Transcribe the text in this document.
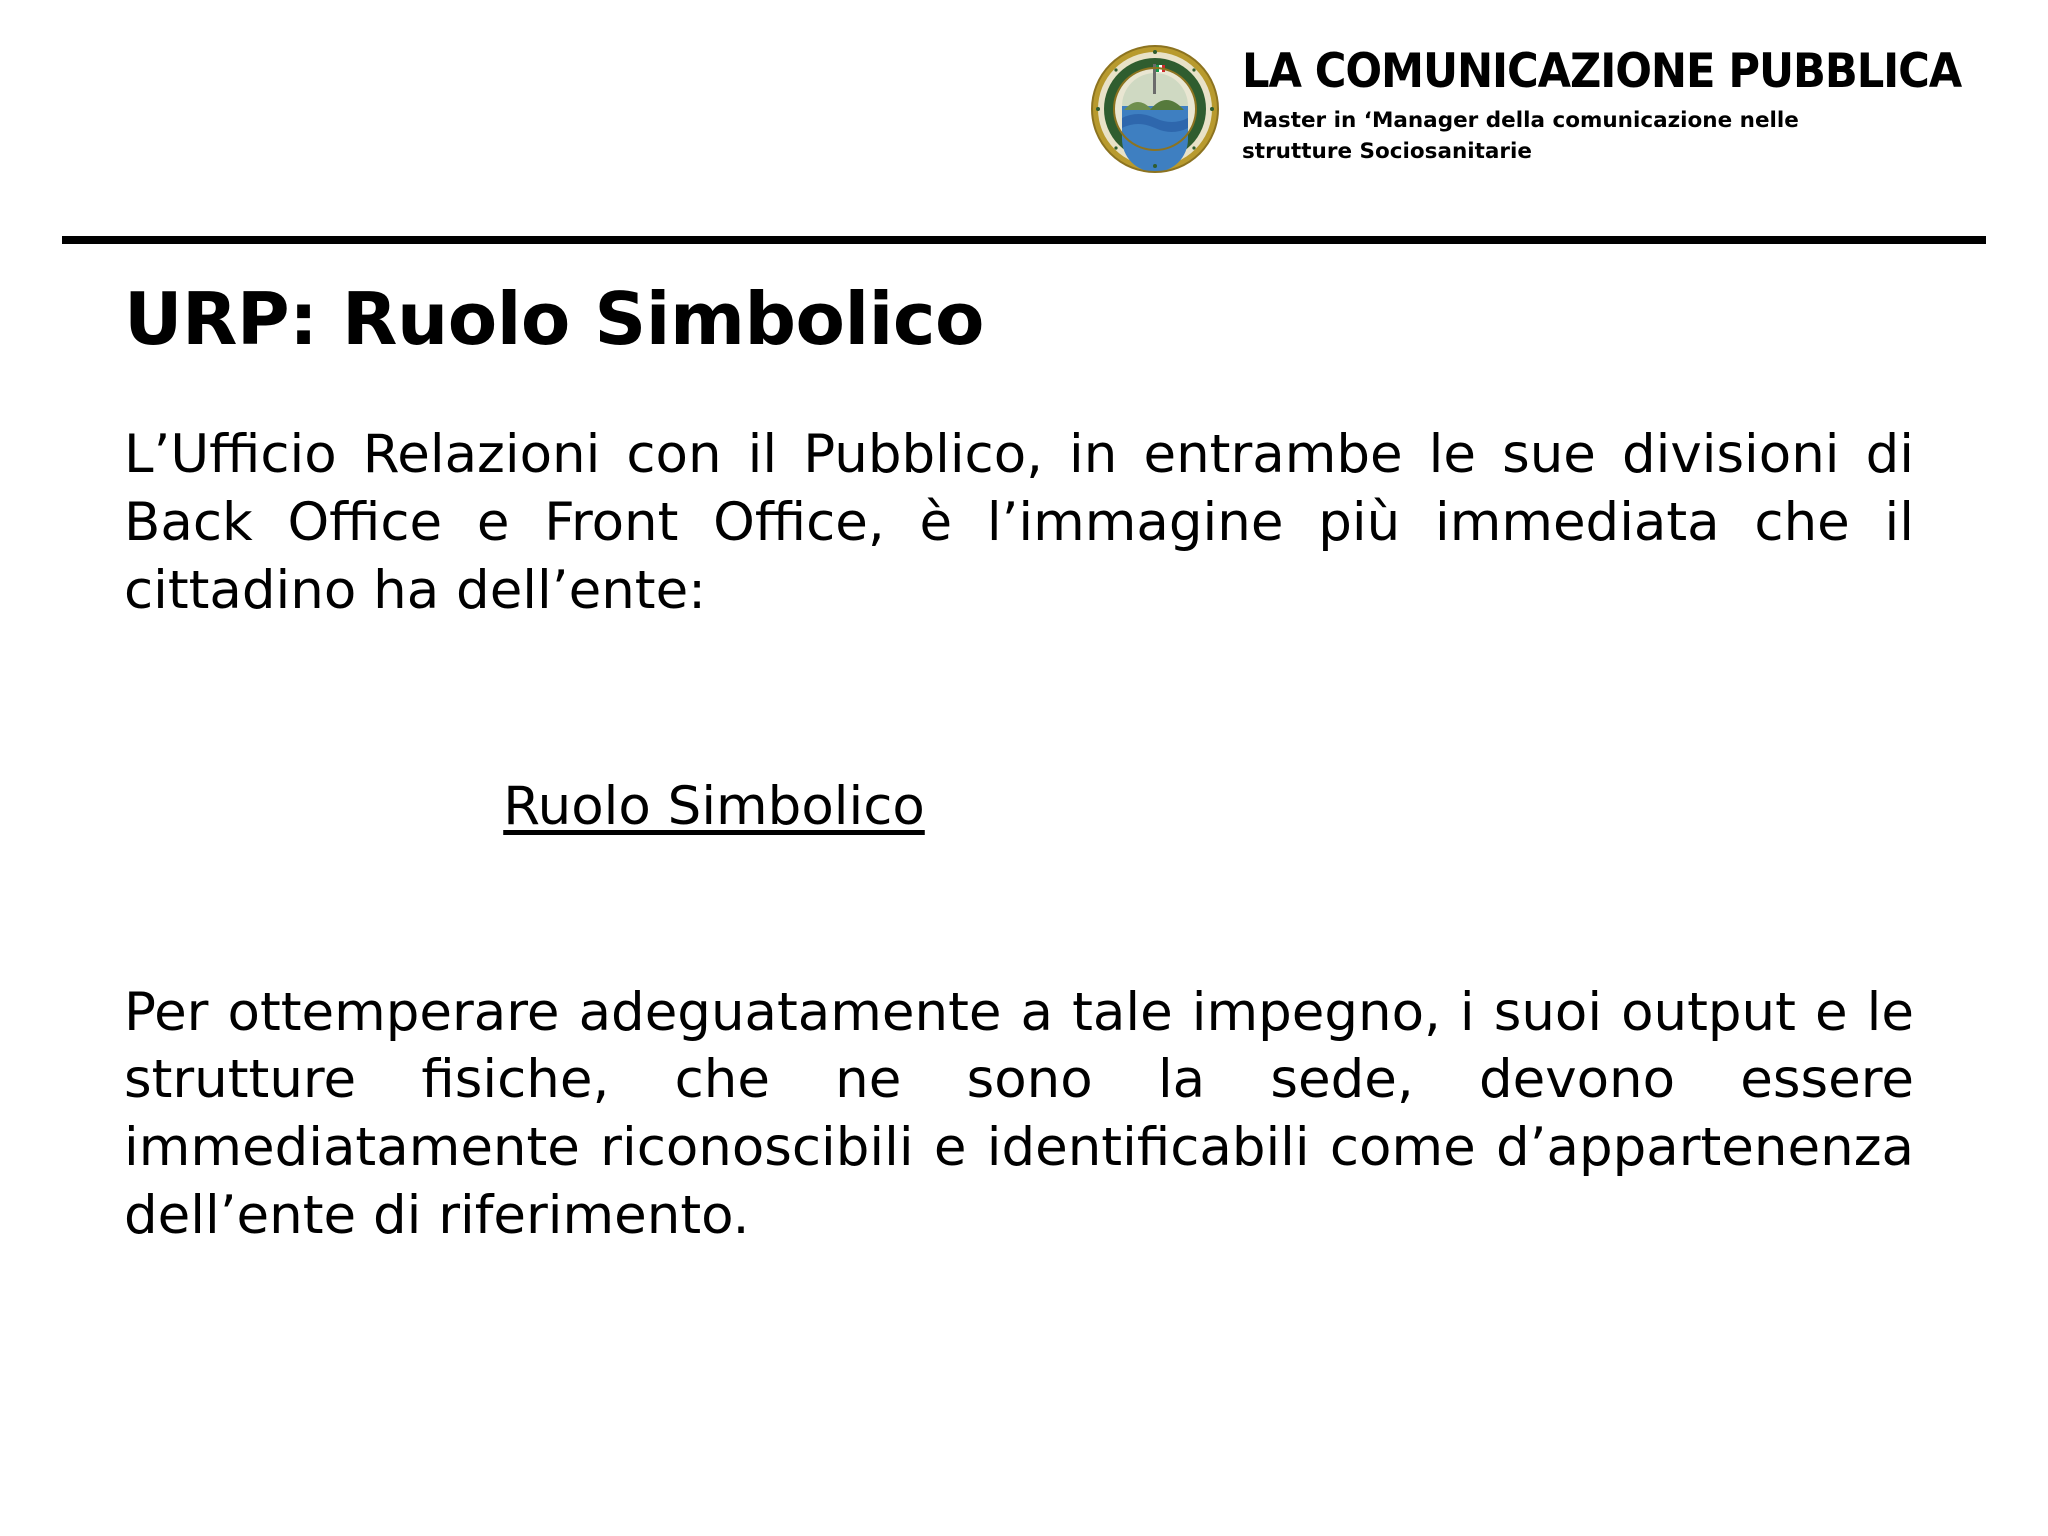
LA COMUNICAZIONE PUBBLICA
Master in ‘Manager della comunicazione nelle strutture Sociosanitarie
URP: Ruolo Simbolico

L’Ufficio Relazioni con il Pubblico, in entrambe le sue divisioni di Back Office e Front Office, è l’immagine più immediata che il cittadino ha dell’ente:

Ruolo Simbolico

Per ottemperare adeguatamente a tale impegno, i suoi output e le strutture fisiche, che ne sono la sede, devono essere immediatamente riconoscibili e identificabili come d’appartenenza dell’ente di riferimento.
